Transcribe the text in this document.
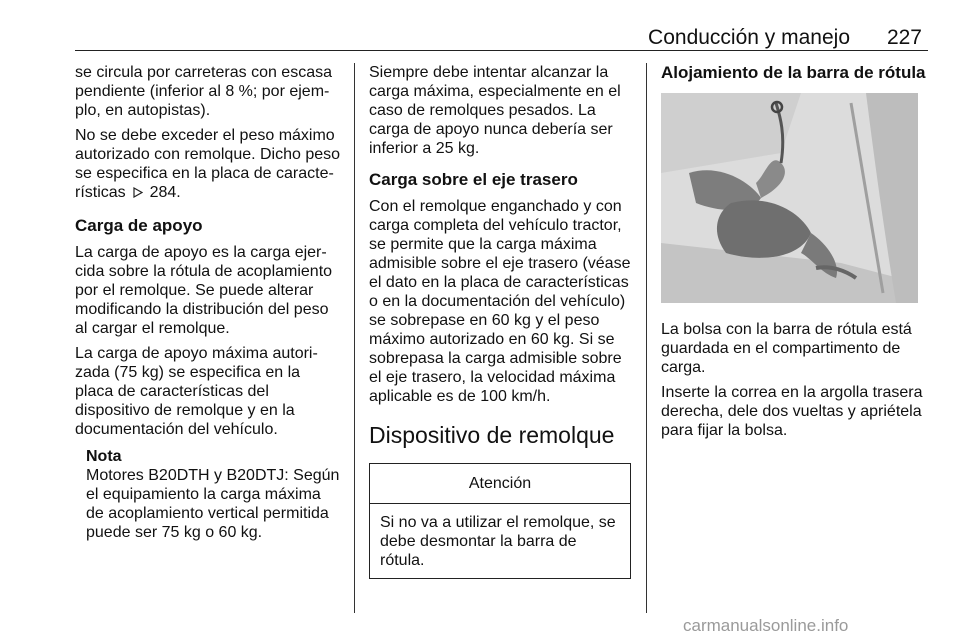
Conducción y manejo 227

se circula por carreteras con escasa pendiente (inferior al 8 %; por ejemplo, en autopistas).

No se debe exceder el peso máximo autorizado con remolque. Dicho peso se especifica en la placa de características 284.

Carga de apoyo

La carga de apoyo es la carga ejercida sobre la rótula de acoplamiento por el remolque. Se puede alterar modificando la distribución del peso al cargar el remolque.

La carga de apoyo máxima autorizada (75 kg) se especifica en la placa de características del dispositivo de remolque y en la documentación del vehículo.

Nota
Motores B20DTH y B20DTJ: Según el equipamiento la carga máxima de acoplamiento vertical permitida puede ser 75 kg o 60 kg.

Siempre debe intentar alcanzar la carga máxima, especialmente en el caso de remolques pesados. La carga de apoyo nunca debería ser inferior a 25 kg.

Carga sobre el eje trasero

Con el remolque enganchado y con carga completa del vehículo tractor, se permite que la carga máxima admisible sobre el eje trasero (véase el dato en la placa de características o en la documentación del vehículo) se sobrepase en 60 kg y el peso máximo autorizado en 60 kg. Si se sobrepasa la carga admisible sobre el eje trasero, la velocidad máxima aplicable es de 100 km/h.

Dispositivo de remolque
Atención
Si no va a utilizar el remolque, se debe desmontar la barra de rótula.
Alojamiento de la barra de rótula

La bolsa con la barra de rótula está guardada en el compartimento de carga.

Inserte la correa en la argolla trasera derecha, dele dos vueltas y apriétela para fijar la bolsa.

carmanualsonline.info
